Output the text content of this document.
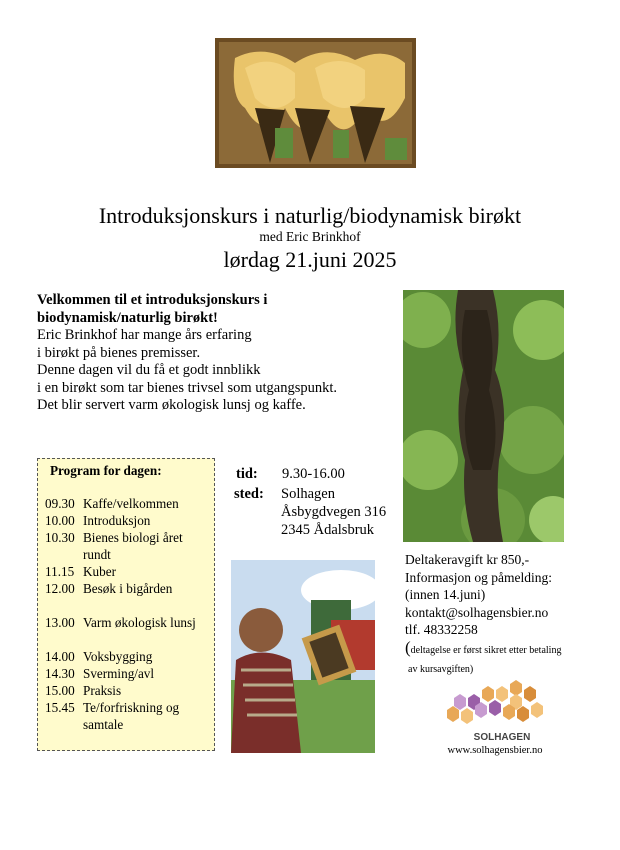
Introduksjonskurs i naturlig/biodynamisk birøkt
med Eric Brinkhof
lørdag 21.juni 2025
Velkommen til et introduksjonskurs i
biodynamisk/naturlig birøkt!
Eric Brinkhof har mange års erfaring
i birøkt på bienes premisser.
Denne dagen vil du få et godt innblikk
i en birøkt som tar bienes trivsel som utgangspunkt.
Det blir servert varm økologisk lunsj og kaffe.
Program for dagen:
09.30 Kaffe/velkommen
10.00 Introduksjon
10.30 Bienes biologi året rundt
11.15 Kuber
12.00 Besøk i bigården
13.00 Varm økologisk lunsj
14.00 Voksbygging
14.30 Sverming/avl
15.00 Praksis
15.45 Te/forfriskning og samtale
tid: 9.30-16.00
sted: Solhagen
Åsbygdvegen 316
2345 Ådalsbruk
Deltakeravgift kr 850,-
Informasjon og påmelding:
(innen 14.juni)
kontakt@solhagensbier.no
tlf. 48332258
(deltagelse er først sikret etter betaling
av kursavgiften)
SOLHAGEN
www.solhagensbier.no
